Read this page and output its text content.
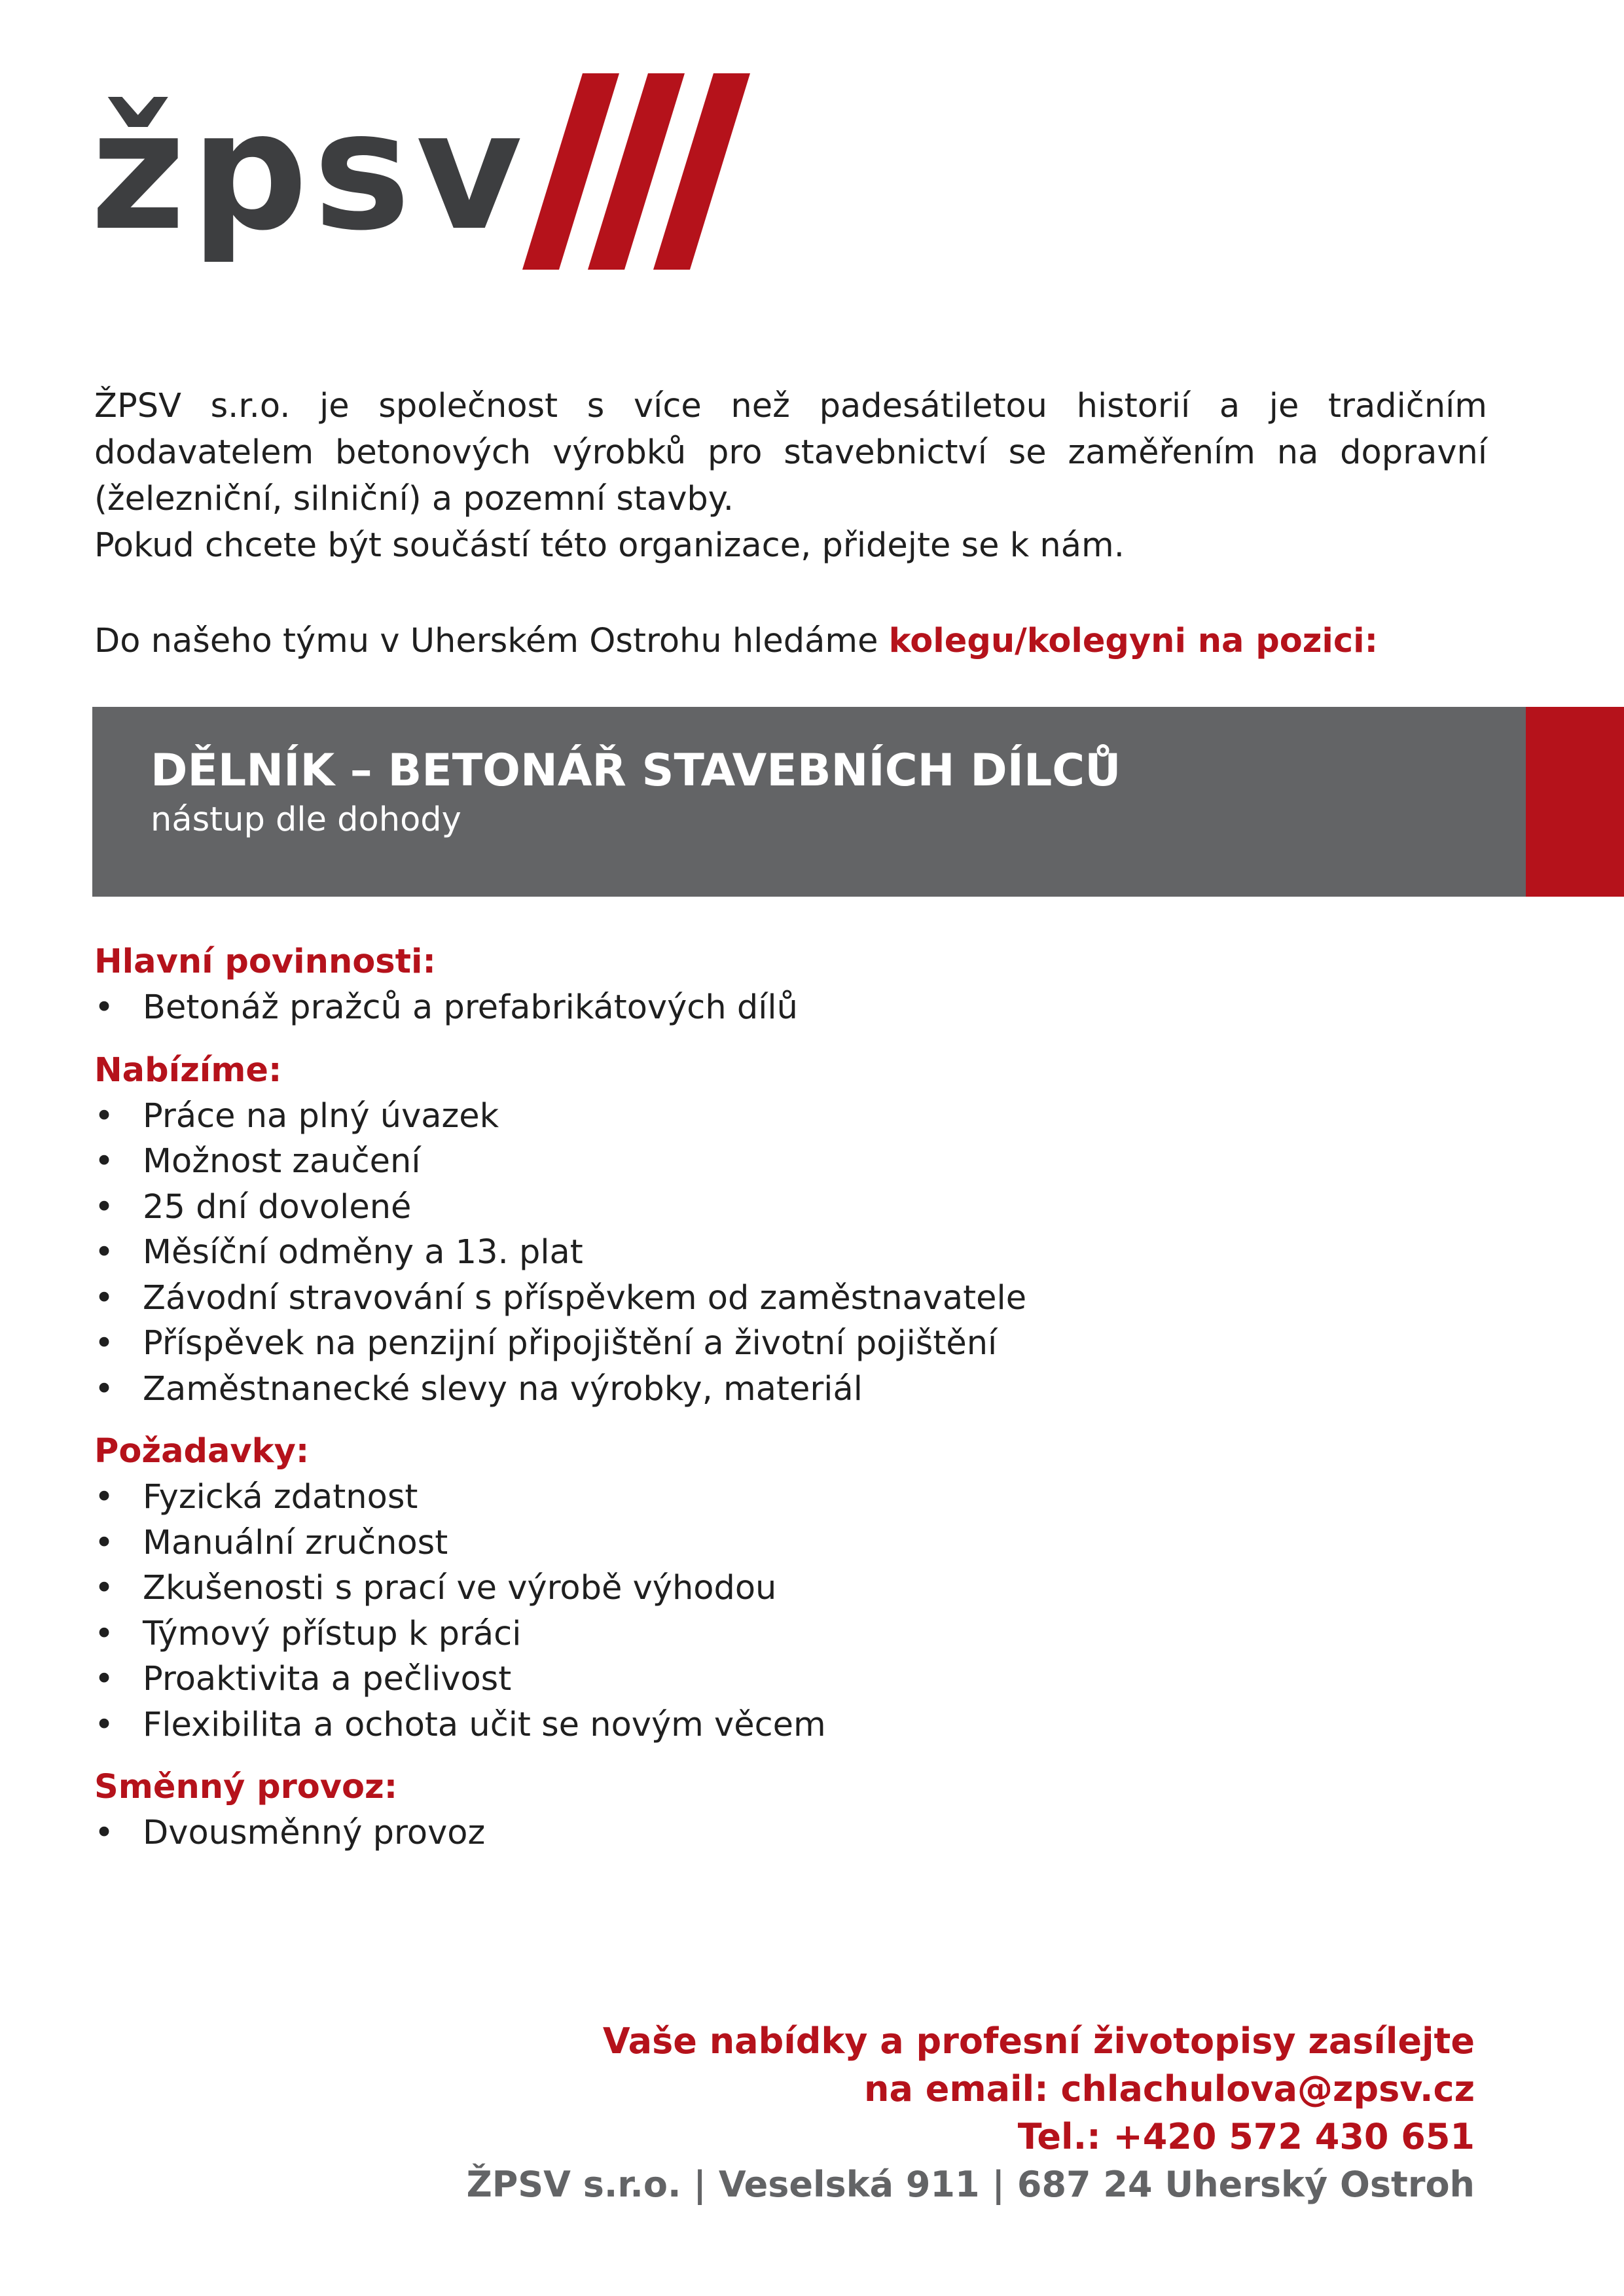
žpsv

ŽPSV s.r.o. je společnost s více než padesátiletou historií a je tradičním dodavatelem betonových výrobků pro stavebnictví se zaměřením na dopravní (železniční, silniční) a pozemní stavby.

Pokud chcete být součástí této organizace, přidejte se k nám.

Do našeho týmu v Uherském Ostrohu hledáme kolegu/kolegyni na pozici:
DĚLNÍK – BETONÁŘ STAVEBNÍCH DÍLCŮ
nástup dle dohody
Hlavní povinnosti:
• Betonáž pražců a prefabrikátových dílů
Nabízíme:
• Práce na plný úvazek
• Možnost zaučení
• 25 dní dovolené
• Měsíční odměny a 13. plat
• Závodní stravování s příspěvkem od zaměstnavatele
• Příspěvek na penzijní připojištění a životní pojištění
• Zaměstnanecké slevy na výrobky, materiál
Požadavky:
• Fyzická zdatnost
• Manuální zručnost
• Zkušenosti s prací ve výrobě výhodou
• Týmový přístup k práci
• Proaktivita a pečlivost
• Flexibilita a ochota učit se novým věcem
Směnný provoz:
• Dvousměnný provoz
Vaše nabídky a profesní životopisy zasílejte
na email: chlachulova@zpsv.cz
Tel.: +420 572 430 651
ŽPSV s.r.o. | Veselská 911 | 687 24 Uherský Ostroh
